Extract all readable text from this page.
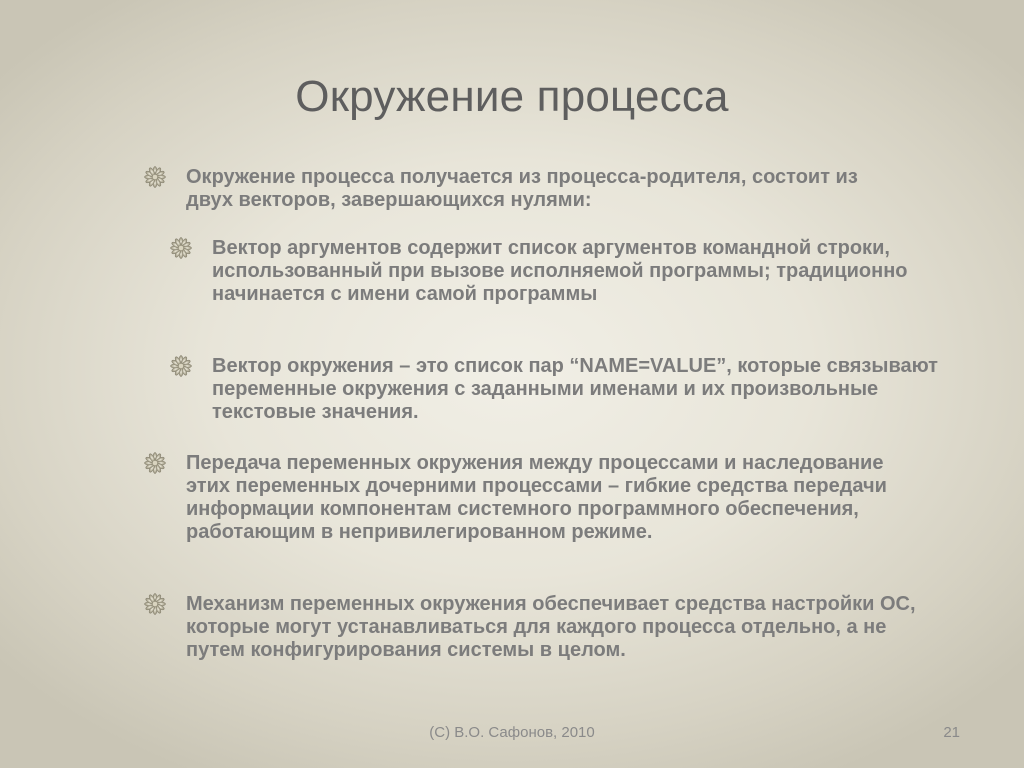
Окружение процесса
Окружение процесса получается из процесса-родителя, состоит из двух векторов, завершающихся нулями:
Вектор аргументов содержит список аргументов командной строки, использованный при вызове исполняемой программы; традиционно начинается с имени самой программы
Вектор окружения – это список пар “NAME=VALUE”, которые связывают переменные окружения с заданными именами и их произвольные текстовые значения.
Передача переменных окружения между процессами и наследование этих переменных дочерними процессами – гибкие средства передачи информации компонентам системного программного обеспечения, работающим в непривилегированном режиме.
Механизм переменных окружения обеспечивает средства настройки ОС, которые могут устанавливаться для каждого процесса отдельно, а не путем конфигурирования системы в целом.
(C) В.О. Сафонов, 2010	21
